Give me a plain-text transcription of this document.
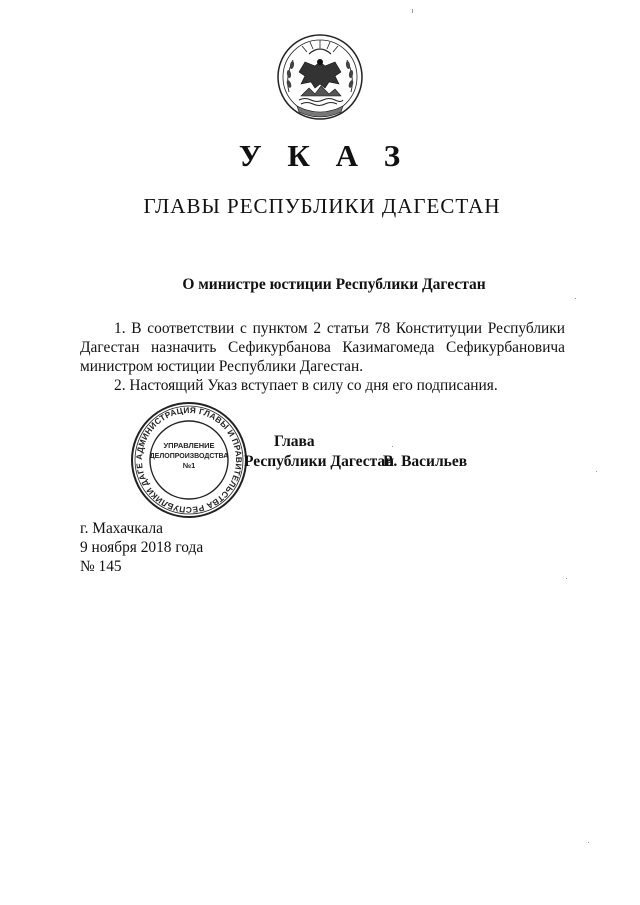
У К А З
ГЛАВЫ РЕСПУБЛИКИ ДАГЕСТАН
О министре юстиции Республики Дагестан

1. В соответствии с пунктом 2 статьи 78 Конституции Республики

Дагестан назначить Сефикурбанова Казимагомеда Сефикурбановича

министром юстиции Республики Дагестан.

2. Настоящий Указ вступает в силу со дня его подписания.

АДМИНИСТРАЦИЯ ГЛАВЫ И ПРАВИТЕЛЬСТВА РЕСПУБЛИКИ ДАГЕ
УПРАВЛЕНИЕ
ДЕЛОПРОИЗВОДСТВА
№1
Глава
Республики Дагестан
В. Васильев
г. Махачкала
9 ноября 2018 года
№ 145
